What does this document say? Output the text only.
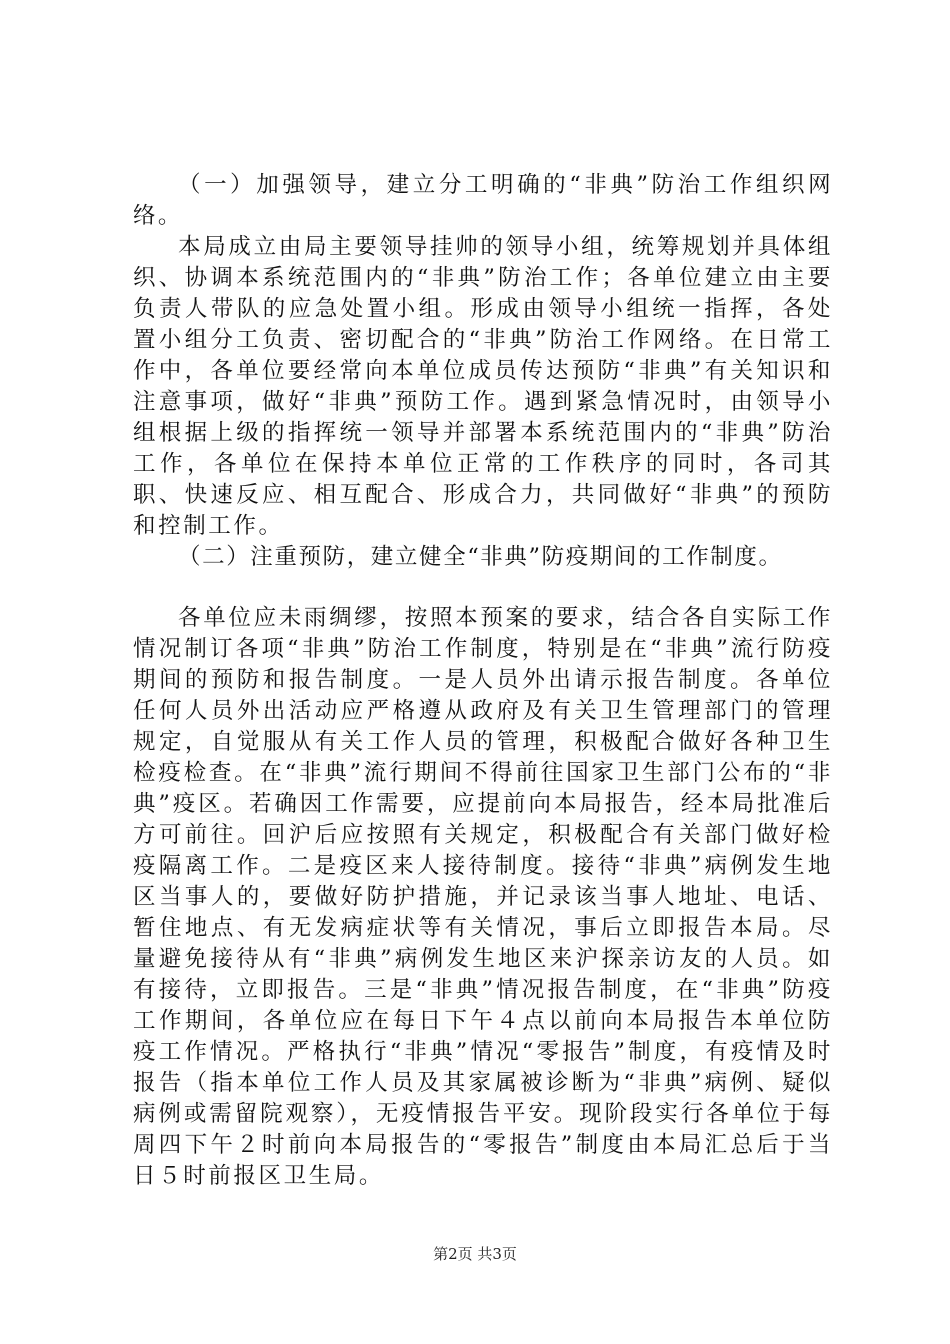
（一）加强领导，建立分工明确的“非典”防治工作组织网络。

本局成立由局主要领导挂帅的领导小组，统筹规划并具体组织、协调本系统范围内的“非典”防治工作；各单位建立由主要负责人带队的应急处置小组。形成由领导小组统一指挥，各处置小组分工负责、密切配合的“非典”防治工作网络。在日常工作中，各单位要经常向本单位成员传达预防“非典”有关知识和注意事项，做好“非典”预防工作。遇到紧急情况时，由领导小组根据上级的指挥统一领导并部署本系统范围内的“非典”防治工作，各单位在保持本单位正常的工作秩序的同时，各司其职、快速反应、相互配合、形成合力，共同做好“非典”的预防和控制工作。

（二）注重预防，建立健全“非典”防疫期间的工作制度。

各单位应未雨绸缪，按照本预案的要求，结合各自实际工作情况制订各项“非典”防治工作制度，特别是在“非典”流行防疫期间的预防和报告制度。一是人员外出请示报告制度。各单位任何人员外出活动应严格遵从政府及有关卫生管理部门的管理规定，自觉服从有关工作人员的管理，积极配合做好各种卫生检疫检查。在“非典”流行期间不得前往国家卫生部门公布的“非典”疫区。若确因工作需要，应提前向本局报告，经本局批准后方可前往。回沪后应按照有关规定，积极配合有关部门做好检疫隔离工作。二是疫区来人接待制度。接待“非典”病例发生地区当事人的，要做好防护措施，并记录该当事人地址、电话、暂住地点、有无发病症状等有关情况，事后立即报告本局。尽量避免接待从有“非典”病例发生地区来沪探亲访友的人员。如有接待，立即报告。三是“非典”情况报告制度，在“非典”防疫工作期间，各单位应在每日下午４点以前向本局报告本单位防疫工作情况。严格执行“非典”情况“零报告”制度，有疫情及时报告（指本单位工作人员及其家属被诊断为“非典”病例、疑似病例或需留院观察），无疫情报告平安。现阶段实行各单位于每周四下午２时前向本局报告的“零报告”制度由本局汇总后于当日５时前报区卫生局。

第2页 共3页
